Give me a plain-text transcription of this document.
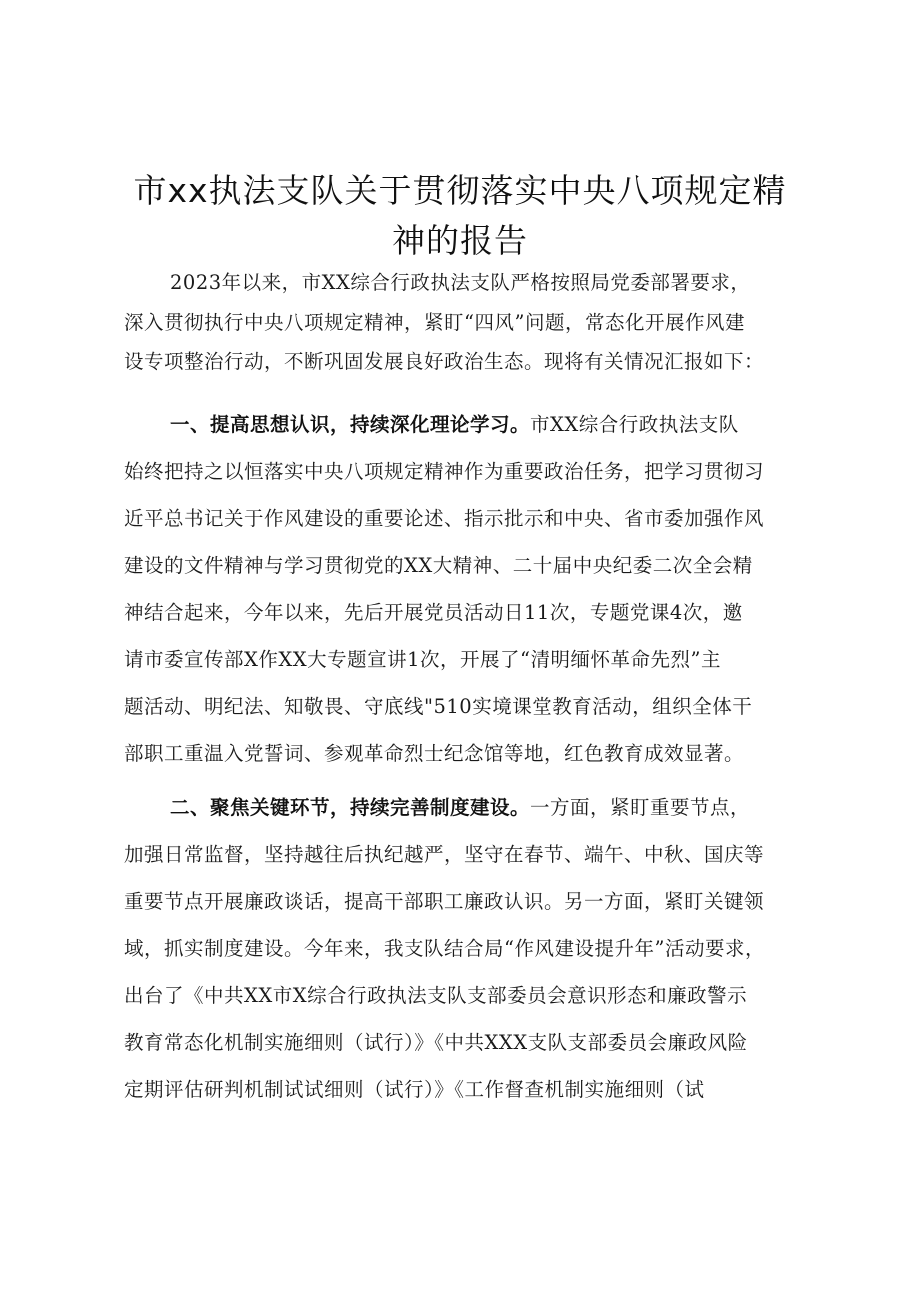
市xx执法支队关于贯彻落实中央八项规定精
神的报告
2023年以来，市XX综合行政执法支队严格按照局党委部署要求，
深入贯彻执行中央八项规定精神，紧盯“四风”问题，常态化开展作风建
设专项整治行动，不断巩固发展良好政治生态。现将有关情况汇报如下：
一、提高思想认识，持续深化理论学习。市XX综合行政执法支队
始终把持之以恒落实中央八项规定精神作为重要政治任务，把学习贯彻习
近平总书记关于作风建设的重要论述、指示批示和中央、省市委加强作风
建设的文件精神与学习贯彻党的XX大精神、二十届中央纪委二次全会精
神结合起来，今年以来，先后开展党员活动日11次，专题党课4次，邀
请市委宣传部X作XX大专题宣讲1次，开展了“清明缅怀革命先烈”主
题活动、明纪法、知敬畏、守底线"510实境课堂教育活动，组织全体干
部职工重温入党誓词、参观革命烈士纪念馆等地，红色教育成效显著。
二、聚焦关键环节，持续完善制度建设。一方面，紧盯重要节点，
加强日常监督，坚持越往后执纪越严，坚守在春节、端午、中秋、国庆等
重要节点开展廉政谈话，提高干部职工廉政认识。另一方面，紧盯关键领
域，抓实制度建设。今年来，我支队结合局“作风建设提升年”活动要求，
出台了《中共XX市X综合行政执法支队支部委员会意识形态和廉政警示
教育常态化机制实施细则（试行）》《中共XXX支队支部委员会廉政风险
定期评估研判机制试试细则（试行）》《工作督查机制实施细则（试
